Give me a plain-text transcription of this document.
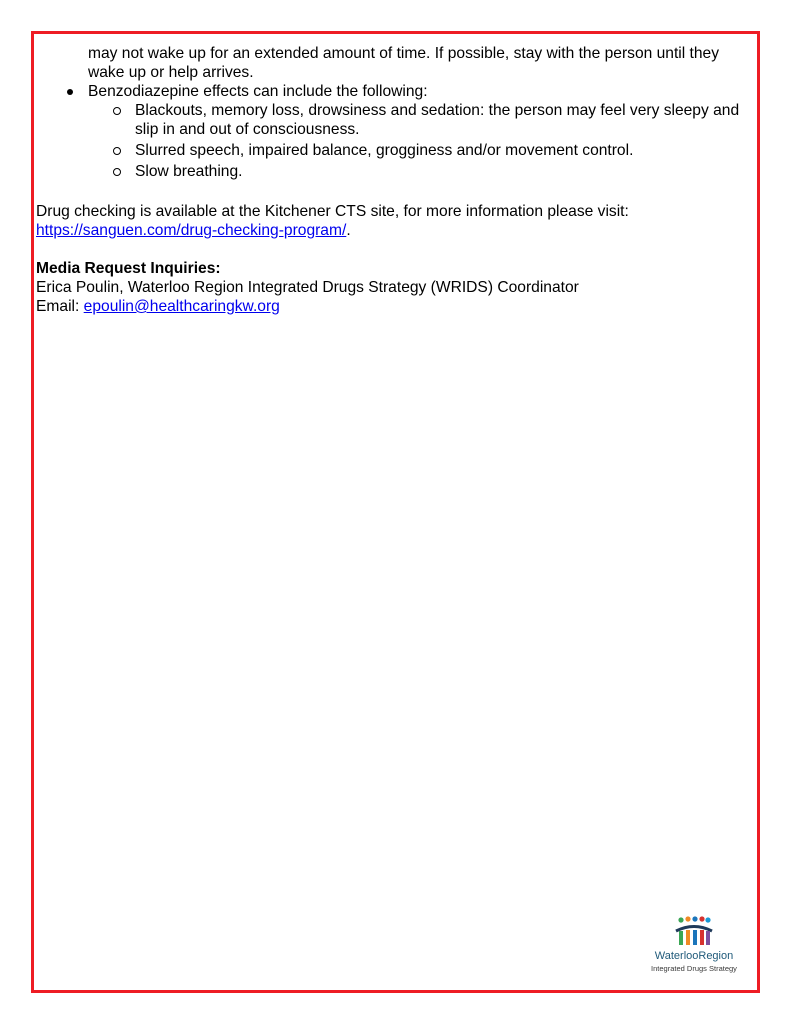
may not wake up for an extended amount of time. If possible, stay with the person until they wake up or help arrives.
Benzodiazepine effects can include the following:
Blackouts, memory loss, drowsiness and sedation: the person may feel very sleepy and slip in and out of consciousness.
Slurred speech, impaired balance, grogginess and/or movement control.
Slow breathing.
Drug checking is available at the Kitchener CTS site, for more information please visit:
https://sanguen.com/drug-checking-program/.
Media Request Inquiries:
Erica Poulin, Waterloo Region Integrated Drugs Strategy (WRIDS) Coordinator
Email: epoulin@healthcaringkw.org
WaterlooRegion
Integrated Drugs Strategy
